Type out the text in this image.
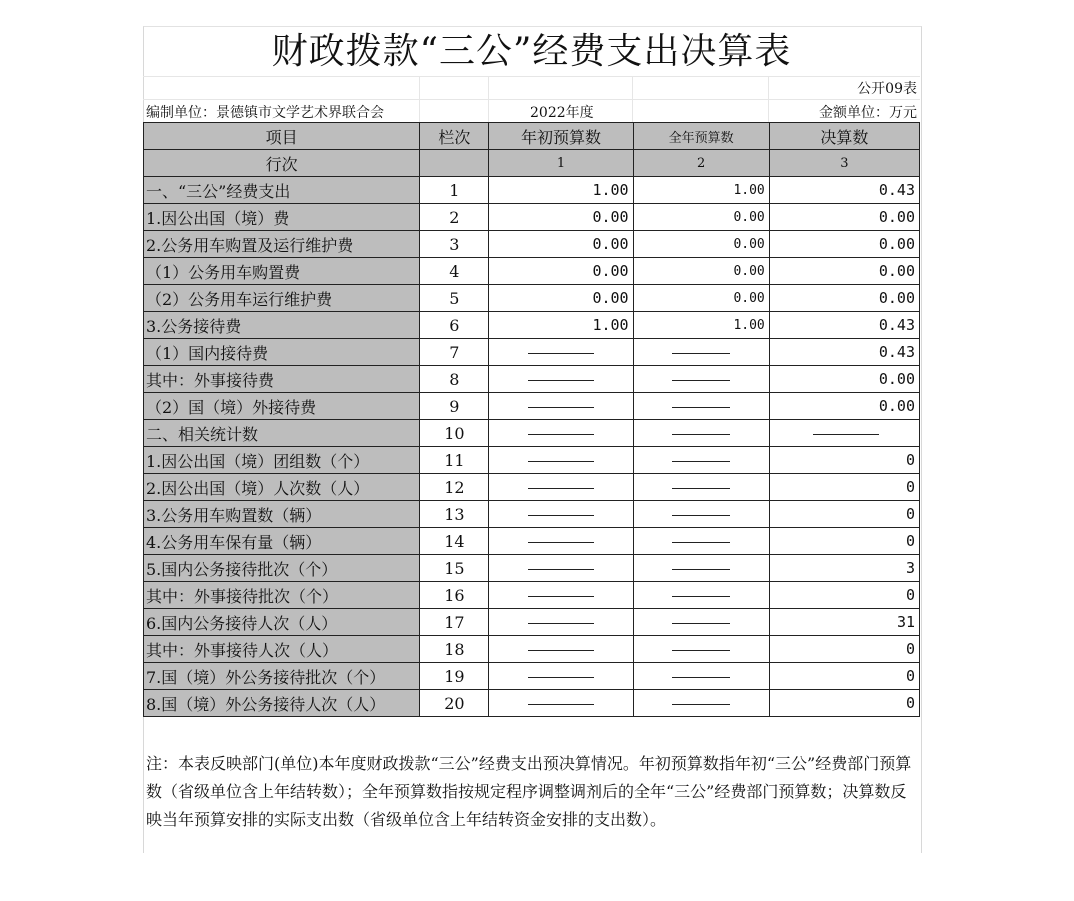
财政拨款“三公”经费支出决算表
公开09表
编制单位：景德镇市文学艺术界联合会	2022年度	金额单位：万元
项目	栏次	年初预算数	全年预算数	决算数
行次		1	2	3
一、“三公”经费支出	1	1.00	1.00	0.43
1.因公出国（境）费	2	0.00	0.00	0.00
2.公务用车购置及运行维护费	3	0.00	0.00	0.00
（1）公务用车购置费	4	0.00	0.00	0.00
（2）公务用车运行维护费	5	0.00	0.00	0.00
3.公务接待费	6	1.00	1.00	0.43
（1）国内接待费	7			0.43
其中：外事接待费	8			0.00
（2）国（境）外接待费	9			0.00
二、相关统计数	10			
1.因公出国（境）团组数（个）	11			0
2.因公出国（境）人次数（人）	12			0
3.公务用车购置数（辆）	13			0
4.公务用车保有量（辆）	14			0
5.国内公务接待批次（个）	15			3
其中：外事接待批次（个）	16			0
6.国内公务接待人次（人）	17			31
其中：外事接待人次（人）	18			0
7.国（境）外公务接待批次（个）	19			0
8.国（境）外公务接待人次（人）	20			0
注：本表反映部门(单位)本年度财政拨款“三公”经费支出预决算情况。年初预算数指年初“三公”经费部门预算数（省级单位含上年结转数）；全年预算数指按规定程序调整调剂后的全年“三公”经费部门预算数；决算数反映当年预算安排的实际支出数（省级单位含上年结转资金安排的支出数）。
